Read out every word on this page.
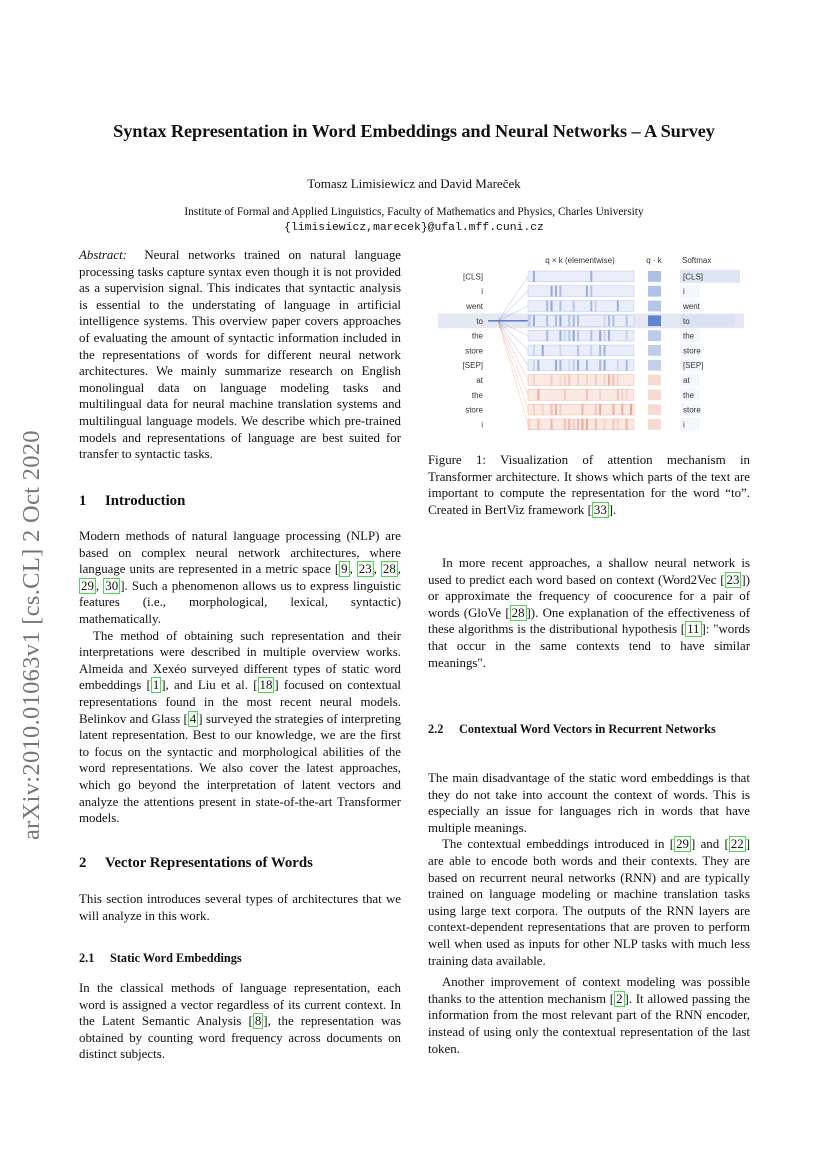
arXiv:2010.01063v1 [cs.CL] 2 Oct 2020
Syntax Representation in Word Embeddings and Neural Networks – A Survey
Tomasz Limisiewicz and David Mareček
Institute of Formal and Applied Linguistics, Faculty of Mathematics and Physics, Charles University
{limisiewicz,marecek}@ufal.mff.cuni.cz

Abstract: Neural networks trained on natural language processing tasks capture syntax even though it is not provided as a supervision signal. This indicates that syntactic analysis is essential to the understating of language in artificial intelligence systems. This overview paper covers approaches of evaluating the amount of syntactic information included in the representations of words for different neural network architectures. We mainly summarize research on English monolingual data on language modeling tasks and multilingual data for neural machine translation systems and multilingual language models. We describe which pre-trained models and representations of language are best suited for transfer to syntactic tasks.

1 Introduction

Modern methods of natural language processing (NLP) are based on complex neural network architectures, where language units are represented in a metric space [ 9 , 23 , 28 , 29 , 30 ]. Such a phenomenon allows us to express linguistic features (i.e., morphological, lexical, syntactic) mathematically.

The method of obtaining such representation and their interpretations were described in multiple overview works. Almeida and Xexéo surveyed different types of static word embeddings [ 1 ], and Liu et al. [ 18 ] focused on contextual representations found in the most recent neural models. Belinkov and Glass [ 4 ] surveyed the strategies of interpreting latent representation. Best to our knowledge, we are the first to focus on the syntactic and morphological abilities of the word representations. We also cover the latest approaches, which go beyond the interpretation of latent vectors and analyze the attentions present in state-of-the-art Transformer models.

2 Vector Representations of Words

This section introduces several types of architectures that we will analyze in this work.

2.1 Static Word Embeddings

In the classical methods of language representation, each word is assigned a vector regardless of its current context. In the Latent Semantic Analysis [ 8 ], the representation was obtained by counting word frequency across documents on distinct subjects.

q × k (elementwise)	q · k	Softmax
[CLS]	[CLS]
i	i
went	went
to	to
the	the
store	store
[SEP]	[SEP]
at	at
the	the
store	store
i	i

Figure 1: Visualization of attention mechanism in Transformer architecture. It shows which parts of the text are important to compute the representation for the word “to”. Created in BertViz framework [ 33 ].

In more recent approaches, a shallow neural network is used to predict each word based on context (Word2Vec [ 23 ]) or approximate the frequency of coocurence for a pair of words (GloVe [ 28 ]). One explanation of the effectiveness of these algorithms is the distributional hypothesis [ 11 ]: "words that occur in the same contexts tend to have similar meanings".

2.2 Contextual Word Vectors in Recurrent Networks

The main disadvantage of the static word embeddings is that they do not take into account the context of words. This is especially an issue for languages rich in words that have multiple meanings.

The contextual embeddings introduced in [ 29 ] and [ 22 ] are able to encode both words and their contexts. They are based on recurrent neural networks (RNN) and are typically trained on language modeling or machine translation tasks using large text corpora. The outputs of the RNN layers are context-dependent representations that are proven to perform well when used as inputs for other NLP tasks with much less training data available.

Another improvement of context modeling was possible thanks to the attention mechanism [ 2 ]. It allowed passing the information from the most relevant part of the RNN encoder, instead of using only the contextual representation of the last token.
